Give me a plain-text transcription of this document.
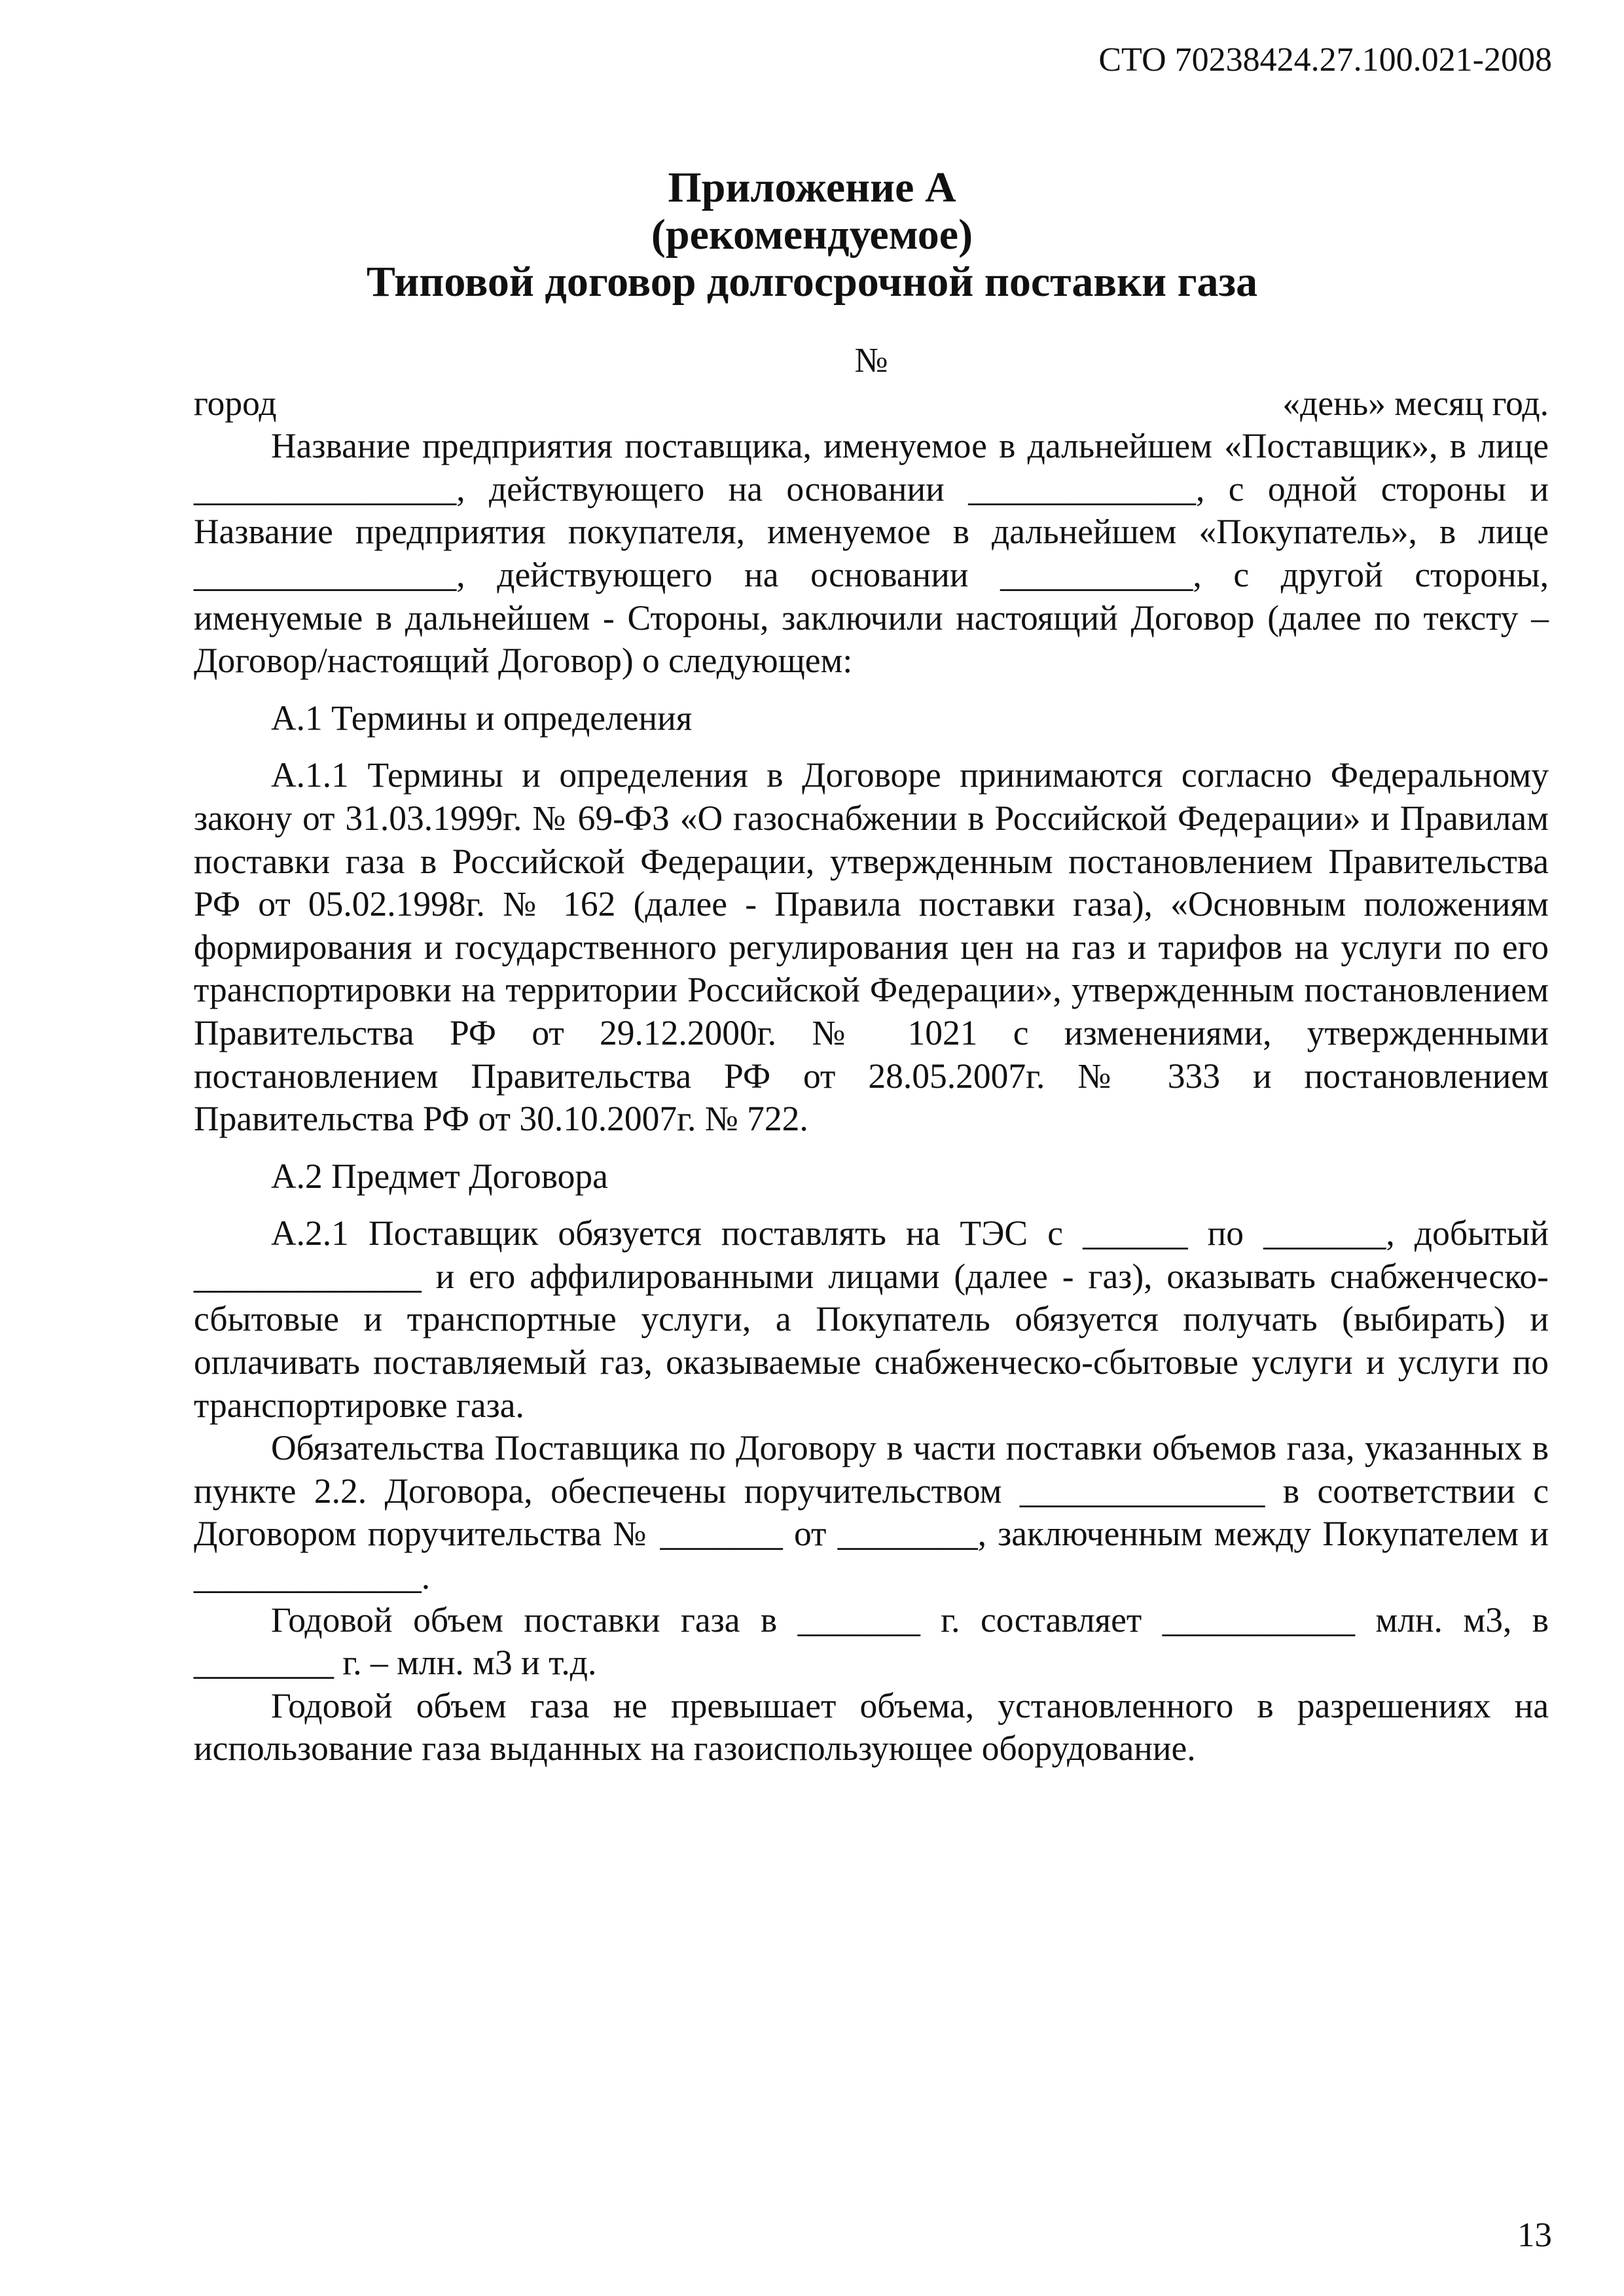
СТО 70238424.27.100.021-2008
Приложение А
(рекомендуемое)
Типовой договор долгосрочной поставки газа

№

город	«день» месяц год.

Название предприятия поставщика, именуемое в дальнейшем «Поставщик», в лице _______________, действующего на основании _____________, с одной стороны и Название предприятия покупателя, именуемое в дальнейшем «Покупатель», в лице _______________, действующего на основании ___________, с другой стороны, именуемые в дальнейшем - Стороны, заключили настоящий Договор (далее по тексту – Договор/настоящий Договор) о следующем:

А.1 Термины и определения

А.1.1 Термины и определения в Договоре принимаются согласно Федеральному закону от 31.03.1999г. № 69-ФЗ «О газоснабжении в Российской Федерации» и Правилам поставки газа в Российской Федерации, утвержденным постановлением Правительства РФ от 05.02.1998г. № 162 (далее - Правила поставки газа), «Основным положениям формирования и государственного регулирования цен на газ и тарифов на услуги по его транспортировки на территории Российской Федерации», утвержденным постановлением Правительства РФ от 29.12.2000г. № 1021 с изменениями, утвержденными постановлением Правительства РФ от 28.05.2007г. № 333 и постановлением Правительства РФ от 30.10.2007г. № 722.

А.2 Предмет Договора

А.2.1 Поставщик обязуется поставлять на ТЭС с ______ по _______, добытый _____________ и его аффилированными лицами (далее - газ), оказывать снабженческо-сбытовые и транспортные услуги, а Покупатель обязуется получать (выбирать) и оплачивать поставляемый газ, оказываемые снабженческо-сбытовые услуги и услуги по транспортировке газа.

Обязательства Поставщика по Договору в части поставки объемов газа, указанных в пункте 2.2. Договора, обеспечены поручительством ______________ в соответствии с Договором поручительства № _______ от ________, заключенным между Покупателем и _____________.

Годовой объем поставки газа в _______ г. составляет ___________ млн. м3, в ________ г. – млн. м3 и т.д.

Годовой объем газа не превышает объема, установленного в разрешениях на использование газа выданных на газоиспользующее оборудование.

13
